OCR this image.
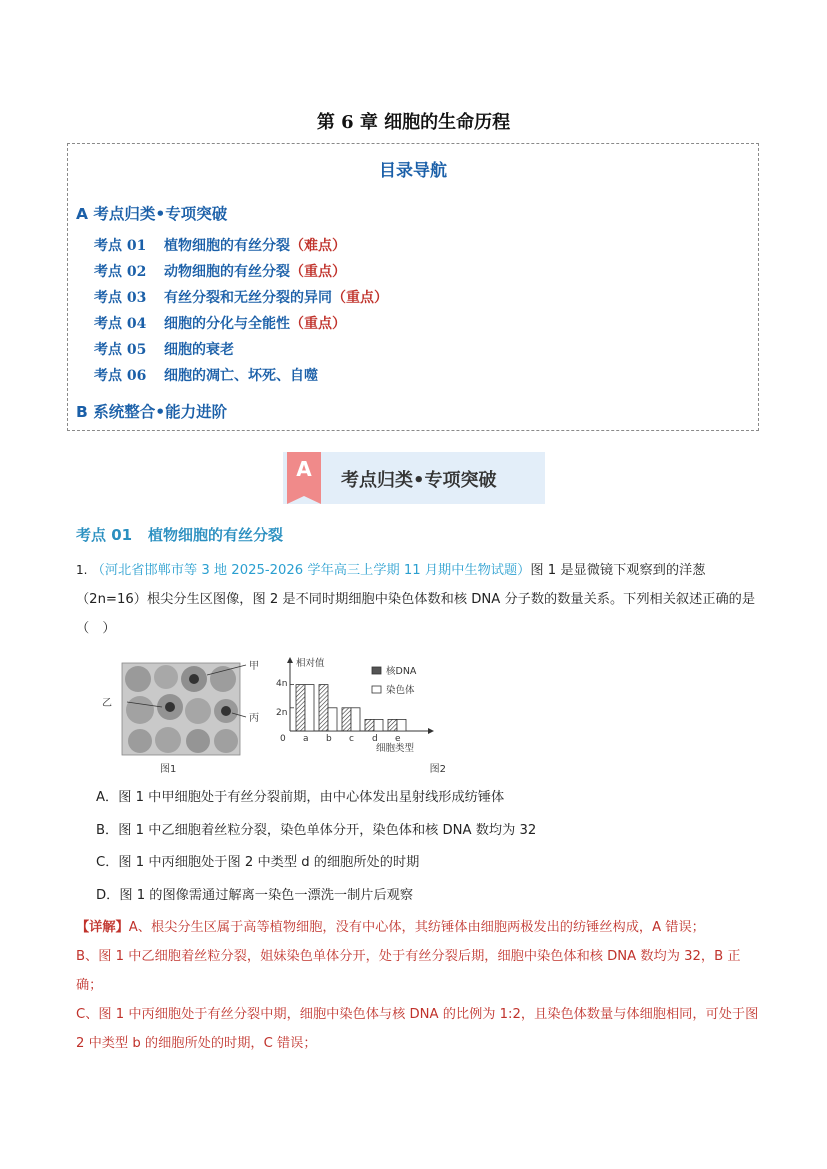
第 6 章 细胞的生命历程
目录导航
A 考点归类•专项突破
考点 01 植物细胞的有丝分裂（难点）
考点 02 动物细胞的有丝分裂（重点）
考点 03 有丝分裂和无丝分裂的异同（重点）
考点 04 细胞的分化与全能性（重点）
考点 05 细胞的衰老
考点 06 细胞的凋亡、坏死、自噬
B 系统整合•能力进阶
A	考点归类•专项突破
考点 01 植物细胞的有丝分裂
1. （河北省邯郸市等 3 地 2025-2026 学年高三上学期 11 月期中生物试题）图 1 是显微镜下观察到的洋葱
（2n=16）根尖分生区图像，图 2 是不同时期细胞中染色体数和核 DNA 分子数的数量关系。下列相关叙述正确的是（　）
甲
乙
丙
图1
相对值
4n
2n
0
细胞类型
核DNA
染色体
图2
a b c d e
A．图 1 中甲细胞处于有丝分裂前期，由中心体发出星射线形成纺锤体
B．图 1 中乙细胞着丝粒分裂，染色单体分开，染色体和核 DNA 数均为 32
C．图 1 中丙细胞处于图 2 中类型 d 的细胞所处的时期
D．图 1 的图像需通过解离一染色一漂洗一制片后观察
【详解】A、根尖分生区属于高等植物细胞，没有中心体，其纺锤体由细胞两极发出的纺锤丝构成，A 错误；
B、图 1 中乙细胞着丝粒分裂，姐妹染色单体分开，处于有丝分裂后期，细胞中染色体和核 DNA 数均为 32，B 正确；
C、图 1 中丙细胞处于有丝分裂中期，细胞中染色体与核 DNA 的比例为 1:2，且染色体数量与体细胞相同，可处于图 2 中类型 b 的细胞所处的时期，C 错误；
